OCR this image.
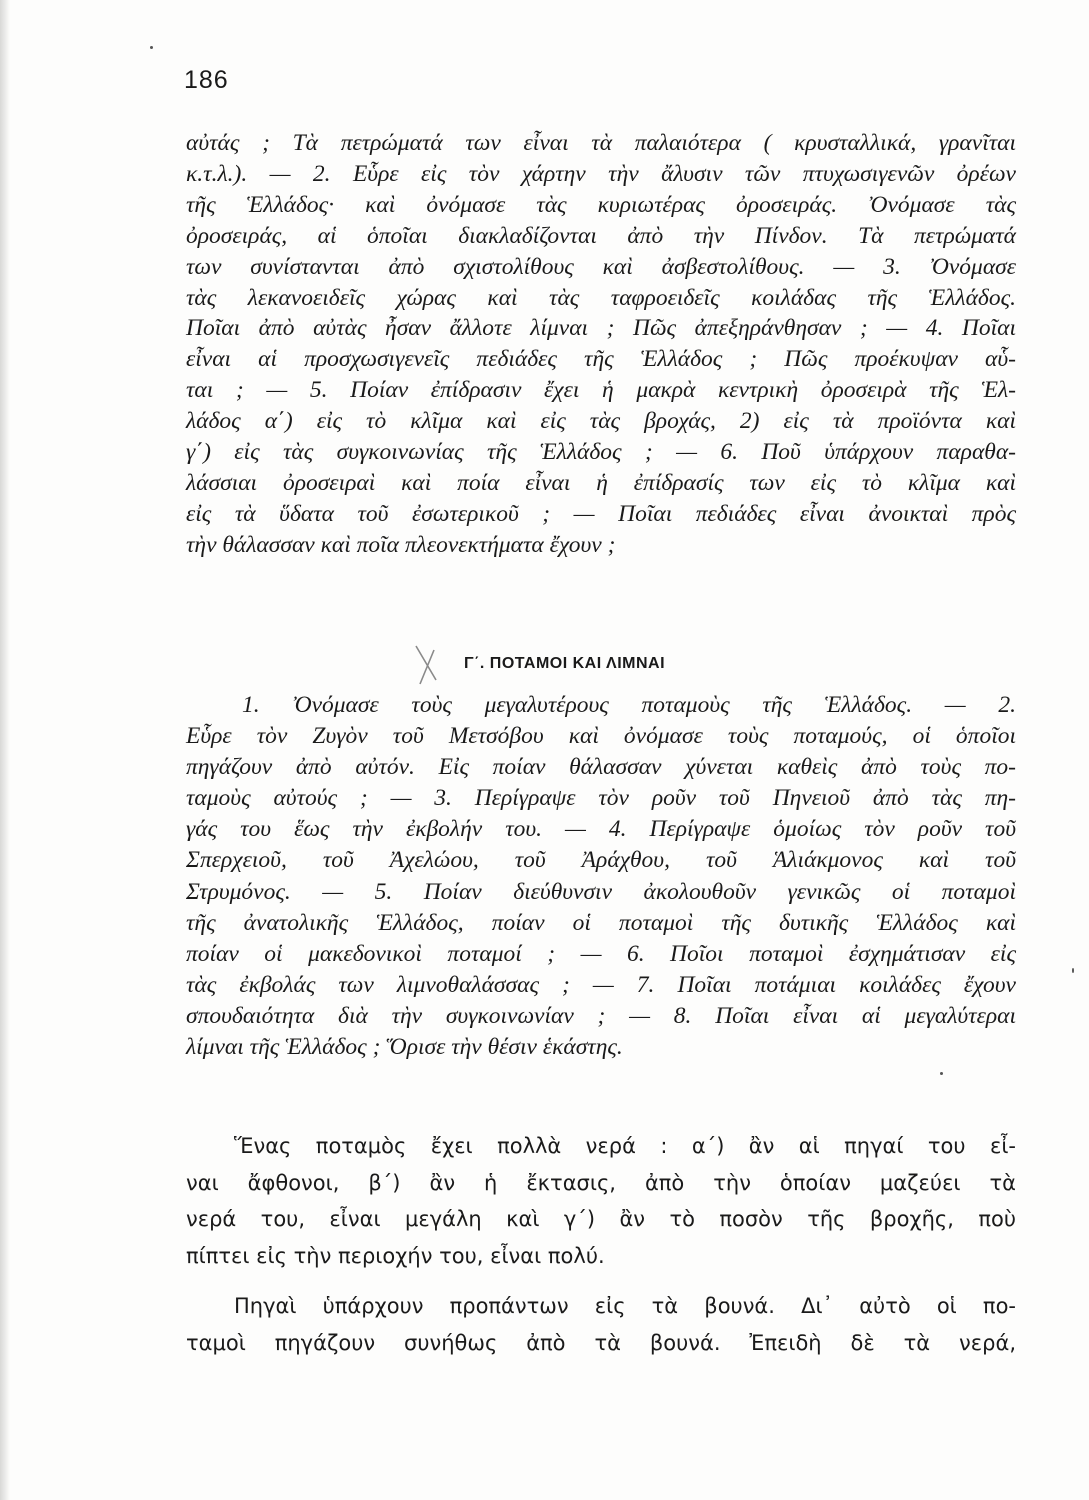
186
αὐτάς ; Τὰ πετρώματά των εἶναι τὰ παλαιότερα ( κρυσταλλικά, γρανῖται
κ.τ.λ.). — 2. Εὗρε εἰς τὸν χάρτην τὴν ἄλυσιν τῶν πτυχωσιγενῶν ὀρέων
τῆς Ἑλλάδος· καὶ ὀνόμασε τὰς κυριωτέρας ὀροσειράς. Ὀνόμασε τὰς
ὀροσειράς, αἱ ὁποῖαι διακλαδίζονται ἀπὸ τὴν Πίνδον. Τὰ πετρώματά
των συνίστανται ἀπὸ σχιστολίθους καὶ ἀσβεστολίθους. — 3. Ὀνόμασε
τὰς λεκανοειδεῖς χώρας καὶ τὰς ταφροειδεῖς κοιλάδας τῆς Ἑλλάδος.
Ποῖαι ἀπὸ αὐτὰς ἦσαν ἄλλοτε λίμναι ; Πῶς ἀπεξηράνθησαν ; — 4. Ποῖαι
εἶναι αἱ προσχωσιγενεῖς πεδιάδες τῆς Ἑλλάδος ; Πῶς προέκυψαν αὗ-
ται ; — 5. Ποίαν ἐπίδρασιν ἔχει ἡ μακρὰ κεντρικὴ ὀροσειρὰ τῆς Ἑλ-
λάδος α΄) εἰς τὸ κλῖμα καὶ εἰς τὰς βροχάς, 2) εἰς τὰ προϊόντα καὶ
γ΄) εἰς τὰς συγκοινωνίας τῆς Ἑλλάδος ; — 6. Ποῦ ὑπάρχουν παραθα-
λάσσιαι ὀροσειραὶ καὶ ποία εἶναι ἡ ἐπίδρασίς των εἰς τὸ κλῖμα καὶ
εἰς τὰ ὕδατα τοῦ ἐσωτερικοῦ ; — Ποῖαι πεδιάδες εἶναι ἀνοικταὶ πρὸς
τὴν θάλασσαν καὶ ποῖα πλεονεκτήματα ἔχουν ;
Γ΄. ΠΟΤΑΜΟΙ ΚΑΙ ΛΙΜΝΑΙ
1. Ὀνόμασε τοὺς μεγαλυτέρους ποταμοὺς τῆς Ἑλλάδος. — 2.
Εὗρε τὸν Ζυγὸν τοῦ Μετσόβου καὶ ὀνόμασε τοὺς ποταμούς, οἱ ὁποῖοι
πηγάζουν ἀπὸ αὐτόν. Εἰς ποίαν θάλασσαν χύνεται καθεὶς ἀπὸ τοὺς πο-
ταμοὺς αὐτούς ; — 3. Περίγραψε τὸν ροῦν τοῦ Πηνειοῦ ἀπὸ τὰς πη-
γάς του ἕως τὴν ἐκβολήν του. — 4. Περίγραψε ὁμοίως τὸν ροῦν τοῦ
Σπερχειοῦ, τοῦ Ἀχελώου, τοῦ Ἀράχθου, τοῦ Ἁλιάκμονος καὶ τοῦ
Στρυμόνος. — 5. Ποίαν διεύθυνσιν ἀκολουθοῦν γενικῶς οἱ ποταμοὶ
τῆς ἀνατολικῆς Ἑλλάδος, ποίαν οἱ ποταμοὶ τῆς δυτικῆς Ἑλλάδος καὶ
ποίαν οἱ μακεδονικοὶ ποταμοί ; — 6. Ποῖοι ποταμοὶ ἐσχημάτισαν εἰς
τὰς ἐκβολάς των λιμνοθαλάσσας ; — 7. Ποῖαι ποτάμιαι κοιλάδες ἔχουν
σπουδαιότητα διὰ τὴν συγκοινωνίαν ; — 8. Ποῖαι εἶναι αἱ μεγαλύτεραι
λίμναι τῆς Ἑλλάδος ; Ὅρισε τὴν θέσιν ἑκάστης.
Ἕνας ποταμὸς ἔχει πολλὰ νερά : α΄) ἂν αἱ πηγαί του εἶ-
ναι ἄφθονοι, β΄) ἂν ἡ ἔκτασις, ἀπὸ τὴν ὁποίαν μαζεύει τὰ
νερά του, εἶναι μεγάλη καὶ γ΄) ἂν τὸ ποσὸν τῆς βροχῆς, ποὺ
πίπτει εἰς τὴν περιοχήν του, εἶναι πολύ.
Πηγαὶ ὑπάρχουν προπάντων εἰς τὰ βουνά. Δι᾽ αὐτὸ οἱ πο-
ταμοὶ πηγάζουν συνήθως ἀπὸ τὰ βουνά. Ἐπειδὴ δὲ τὰ νερά,
